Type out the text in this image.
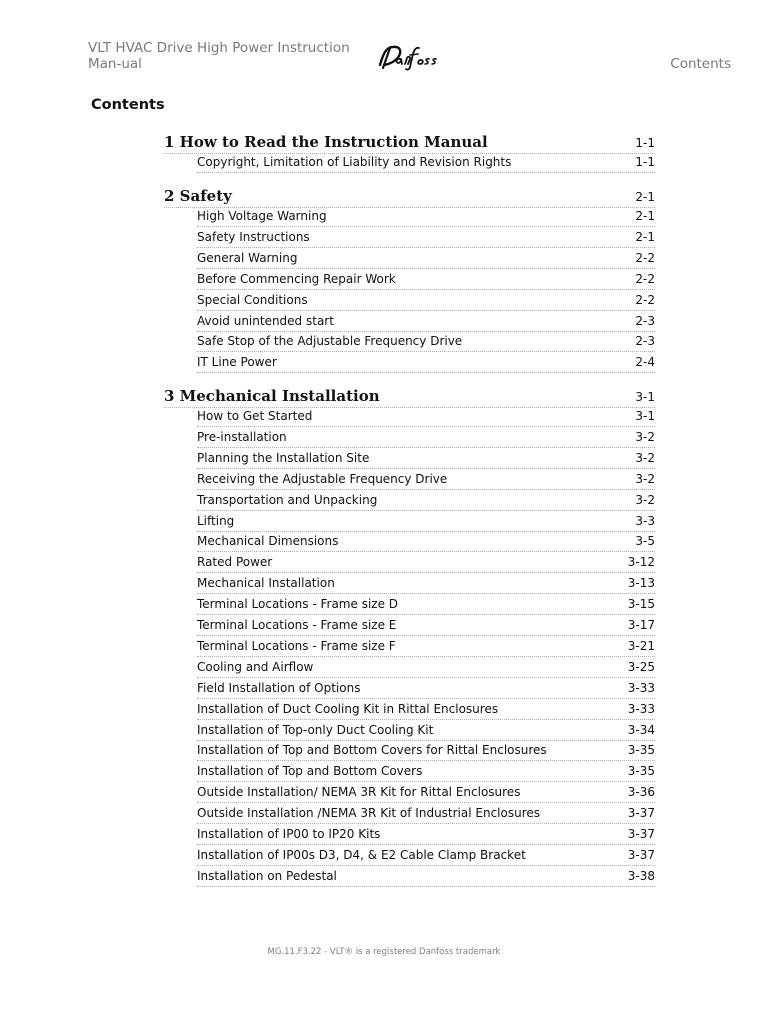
VLT HVAC Drive High Power Instruction Man-ual	Contents
Contents
1 How to Read the Instruction Manual	1-1
Copyright, Limitation of Liability and Revision Rights	1-1
2 Safety	2-1
High Voltage Warning	2-1
Safety Instructions	2-1
General Warning	2-2
Before Commencing Repair Work	2-2
Special Conditions	2-2
Avoid unintended start	2-3
Safe Stop of the Adjustable Frequency Drive	2-3
IT Line Power	2-4
3 Mechanical Installation	3-1
How to Get Started	3-1
Pre-installation	3-2
Planning the Installation Site	3-2
Receiving the Adjustable Frequency Drive	3-2
Transportation and Unpacking	3-2
Lifting	3-3
Mechanical Dimensions	3-5
Rated Power	3-12
Mechanical Installation	3-13
Terminal Locations - Frame size D	3-15
Terminal Locations - Frame size E	3-17
Terminal Locations - Frame size F	3-21
Cooling and Airflow	3-25
Field Installation of Options	3-33
Installation of Duct Cooling Kit in Rittal Enclosures	3-33
Installation of Top-only Duct Cooling Kit	3-34
Installation of Top and Bottom Covers for Rittal Enclosures	3-35
Installation of Top and Bottom Covers	3-35
Outside Installation/ NEMA 3R Kit for Rittal Enclosures	3-36
Outside Installation /NEMA 3R Kit of Industrial Enclosures	3-37
Installation of IP00 to IP20 Kits	3-37
Installation of IP00s D3, D4, & E2 Cable Clamp Bracket	3-37
Installation on Pedestal	3-38
MG.11.F3.22 - VLT® is a registered Danfoss trademark
